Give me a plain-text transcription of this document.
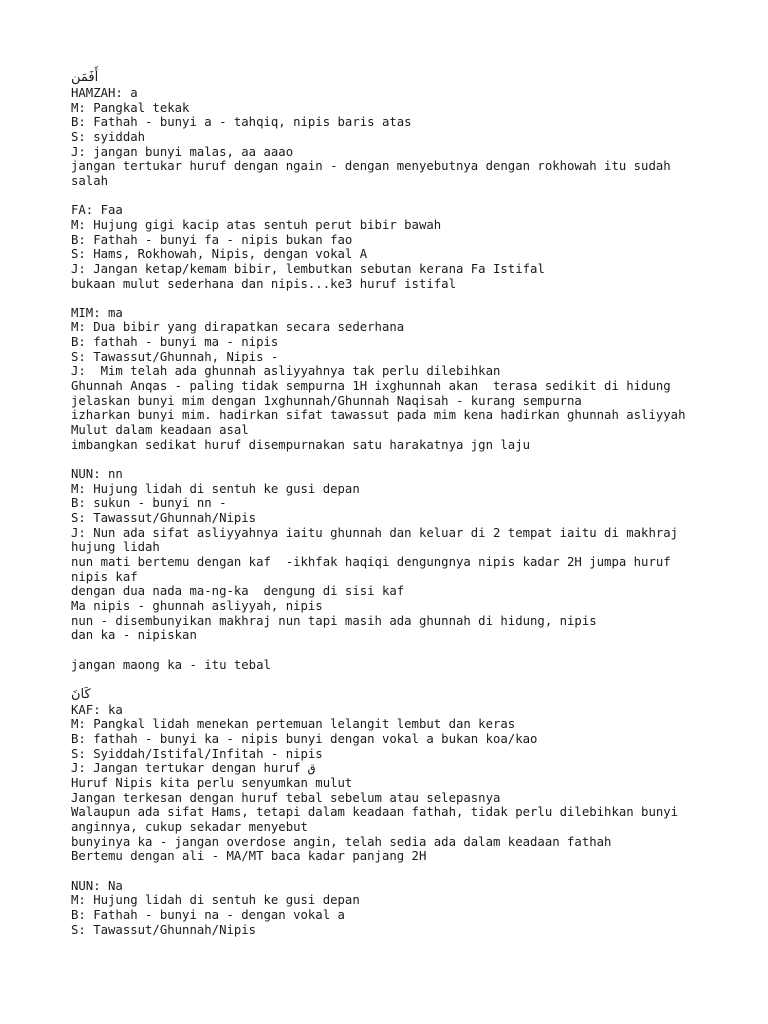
أَفَمَن
HAMZAH: a
M: Pangkal tekak
B: Fathah - bunyi a - tahqiq, nipis baris atas
S: syiddah
J: jangan bunyi malas, aa aaao
jangan tertukar huruf dengan ngain - dengan menyebutnya dengan rokhowah itu sudah salah
FA: Faa
M: Hujung gigi kacip atas sentuh perut bibir bawah
B: Fathah - bunyi fa - nipis bukan fao
S: Hams, Rokhowah, Nipis, dengan vokal A
J: Jangan ketap/kemam bibir, lembutkan sebutan kerana Fa Istifal
bukaan mulut sederhana dan nipis...ke3 huruf istifal
MIM: ma
M: Dua bibir yang dirapatkan secara sederhana
B: fathah - bunyi ma - nipis
S: Tawassut/Ghunnah, Nipis -
J:  Mim telah ada ghunnah asliyyahnya tak perlu dilebihkan
Ghunnah Anqas - paling tidak sempurna 1H ixghunnah akan  terasa sedikit di hidung
jelaskan bunyi mim dengan 1xghunnah/Ghunnah Naqisah - kurang sempurna
izharkan bunyi mim. hadirkan sifat tawassut pada mim kena hadirkan ghunnah asliyyah
Mulut dalam keadaan asal
imbangkan sedikat huruf disempurnakan satu harakatnya jgn laju
NUN: nn
M: Hujung lidah di sentuh ke gusi depan
B: sukun - bunyi nn -
S: Tawassut/Ghunnah/Nipis
J: Nun ada sifat asliyyahnya iaitu ghunnah dan keluar di 2 tempat iaitu di makhraj hujung lidah
nun mati bertemu dengan kaf  -ikhfak haqiqi dengungnya nipis kadar 2H jumpa huruf nipis kaf
dengan dua nada ma-ng-ka  dengung di sisi kaf
Ma nipis - ghunnah asliyyah, nipis
nun - disembunyikan makhraj nun tapi masih ada ghunnah di hidung, nipis
dan ka - nipiskan
jangan maong ka - itu tebal
كَانَ
KAF: ka
M: Pangkal lidah menekan pertemuan lelangit lembut dan keras
B: fathah - bunyi ka - nipis bunyi dengan vokal a bukan koa/kao
S: Syiddah/Istifal/Infitah - nipis
J: Jangan tertukar dengan huruf ق
Huruf Nipis kita perlu senyumkan mulut
Jangan terkesan dengan huruf tebal sebelum atau selepasnya
Walaupun ada sifat Hams, tetapi dalam keadaan fathah, tidak perlu dilebihkan bunyi anginnya, cukup sekadar menyebut
bunyinya ka - jangan overdose angin, telah sedia ada dalam keadaan fathah
Bertemu dengan ali - MA/MT baca kadar panjang 2H
NUN: Na
M: Hujung lidah di sentuh ke gusi depan
B: Fathah - bunyi na - dengan vokal a
S: Tawassut/Ghunnah/Nipis
